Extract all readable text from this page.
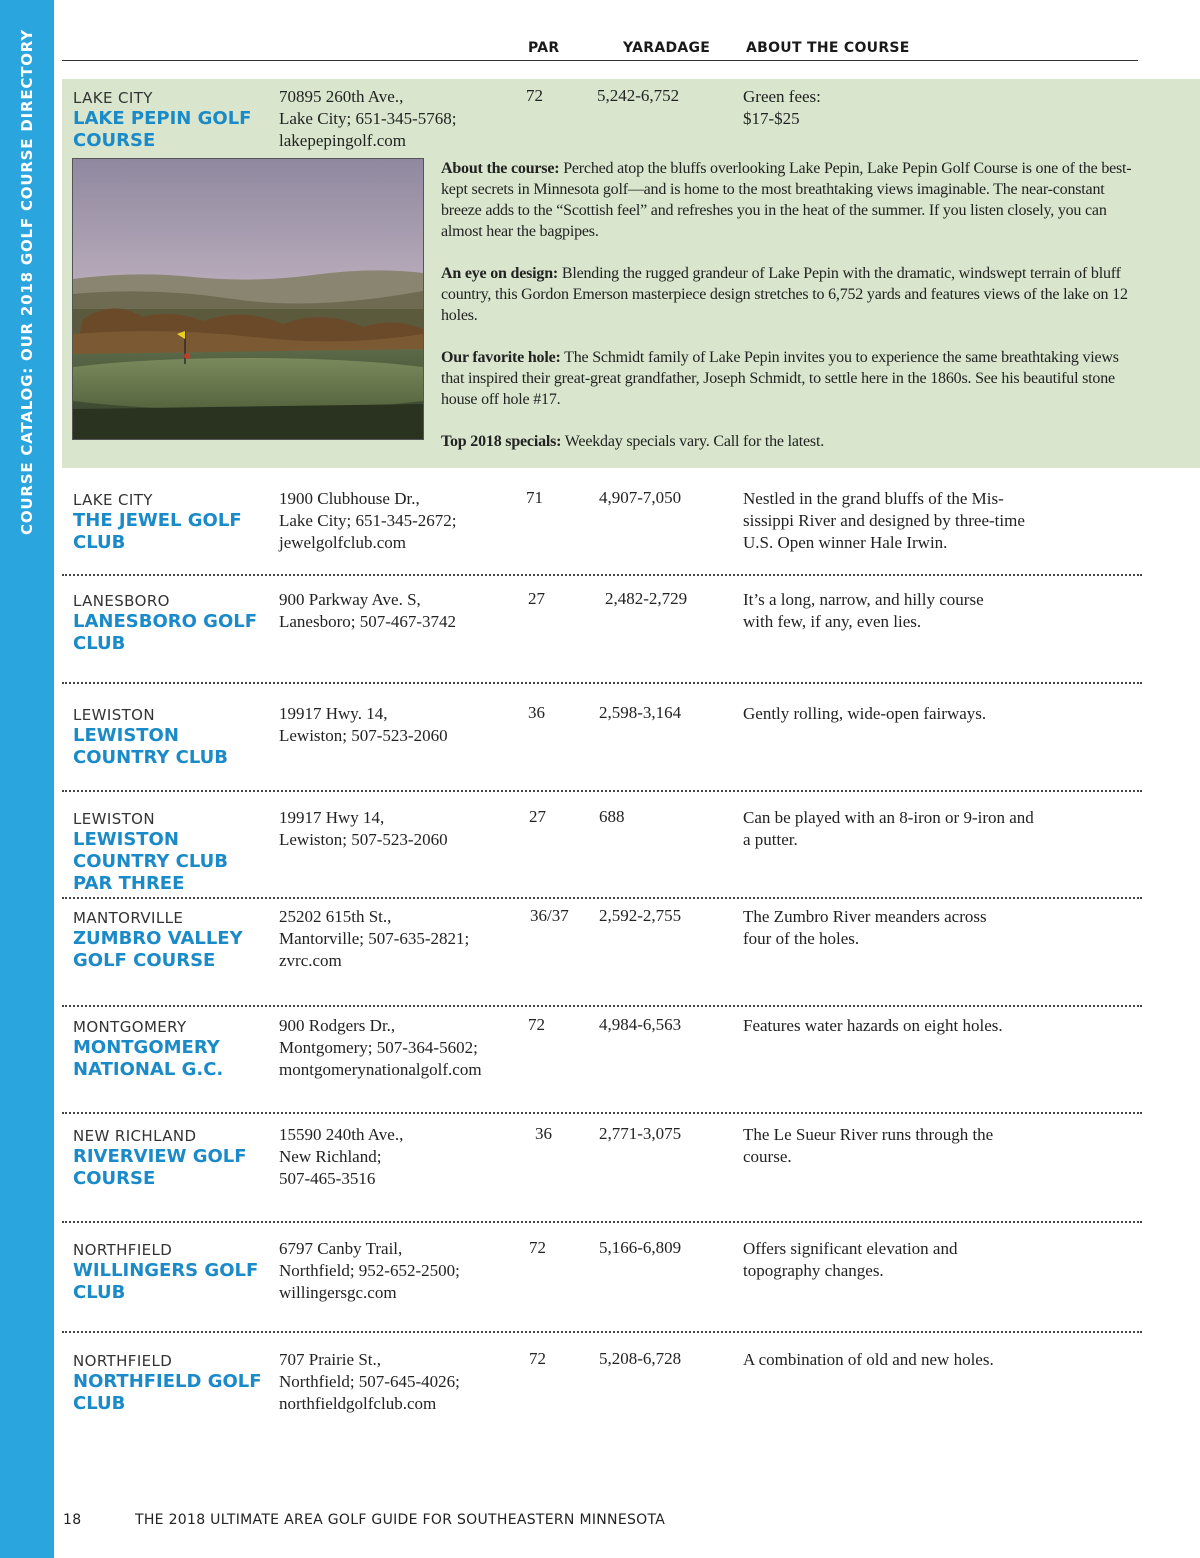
COURSE CATALOG: OUR 2018 GOLF COURSE DIRECTORY	PAR	YARADAGE	ABOUT THE COURSE
LAKE CITY
LAKE PEPIN GOLF COURSE
70895 260th Ave.,
Lake City; 651-345-5768;
lakepepingolf.com
72	5,242-6,752	Green fees:
$17-$25

About the course: Perched atop the bluffs overlooking Lake Pepin, Lake Pepin Golf Course is one of the best-kept secrets in Minnesota golf—and is home to the most breathtaking views imaginable. The near-constant breeze adds to the “Scottish feel” and refreshes you in the heat of the summer. If you listen closely, you can almost hear the bagpipes.

An eye on design: Blending the rugged grandeur of Lake Pepin with the dramatic, windswept terrain of bluff country, this Gordon Emerson masterpiece design stretches to 6,752 yards and features views of the lake on 12 holes.

Our favorite hole: The Schmidt family of Lake Pepin invites you to experience the same breathtaking views that inspired their great-great grandfather, Joseph Schmidt, to settle here in the 1860s. See his beautiful stone house off hole #17.

Top 2018 specials: Weekday specials vary. Call for the latest.

LAKE CITY
THE JEWEL GOLF CLUB
1900 Clubhouse Dr.,
Lake City; 651-345-2672;
jewelgolfclub.com
71	4,907-7,050	Nestled in the grand bluffs of the Mis-sissippi River and designed by three-time U.S. Open winner Hale Irwin.
LANESBORO
LANESBORO GOLF CLUB
900 Parkway Ave. S,
Lanesboro; 507-467-3742
27	2,482-2,729	It’s a long, narrow, and hilly course with few, if any, even lies.
LEWISTON
LEWISTON COUNTRY CLUB
19917 Hwy. 14,
Lewiston; 507-523-2060
36	2,598-3,164	Gently rolling, wide-open fairways.
LEWISTON
LEWISTON COUNTRY CLUB PAR THREE
19917 Hwy 14,
Lewiston; 507-523-2060
27	688	Can be played with an 8-iron or 9-iron and a putter.
MANTORVILLE
ZUMBRO VALLEY GOLF COURSE
25202 615th St.,
Mantorville; 507-635-2821;
zvrc.com
36/37 2,592-2,755	The Zumbro River meanders across four of the holes.
MONTGOMERY
MONTGOMERY NATIONAL G.C.
900 Rodgers Dr.,
Montgomery; 507-364-5602;
montgomerynationalgolf.com
72	4,984-6,563	Features water hazards on eight holes.
NEW RICHLAND
RIVERVIEW GOLF COURSE
15590 240th Ave.,
New Richland;
507-465-3516
36	2,771-3,075	The Le Sueur River runs through the course.
NORTHFIELD
WILLINGERS GOLF CLUB
6797 Canby Trail,
Northfield; 952-652-2500;
willingersgc.com
72	5,166-6,809	Offers significant elevation and topography changes.
NORTHFIELD
NORTHFIELD GOLF CLUB
707 Prairie St.,
Northfield; 507-645-4026;
northfieldgolfclub.com
72	5,208-6,728	A combination of old and new holes.
18	THE 2018 ULTIMATE AREA GOLF GUIDE FOR SOUTHEASTERN MINNESOTA
